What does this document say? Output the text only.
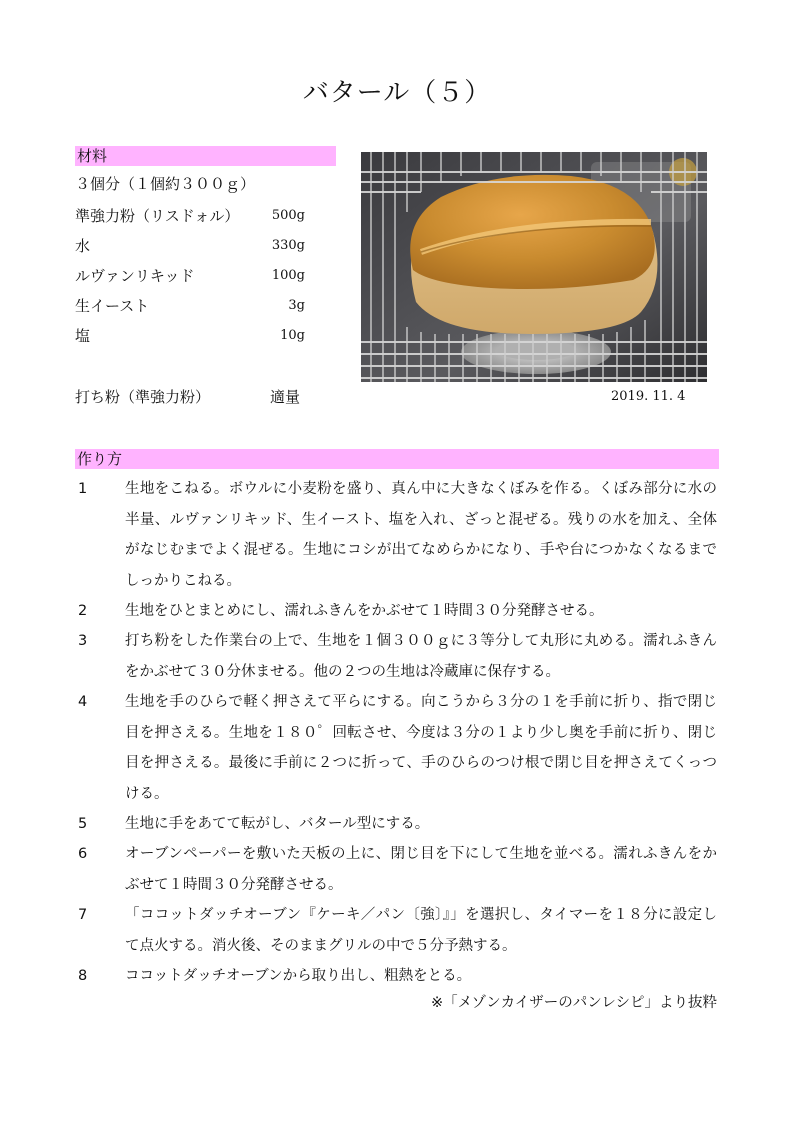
バタール（５）
材料
３個分（１個約３００ｇ）
準強力粉（リスドォル）	500g
水	330g
ルヴァンリキッド	100g
生イースト	3g
塩	10g
打ち粉（準強力粉）	適量	2019. 11. 4
作り方
1	生地をこねる。ボウルに小麦粉を盛り、真ん中に大きなくぼみを作る。くぼみ部分に水の半量、ルヴァンリキッド、生イースト、塩を入れ、ざっと混ぜる。残りの水を加え、全体がなじむまでよく混ぜる。生地にコシが出てなめらかになり、手や台につかなくなるまでしっかりこねる。
2	生地をひとまとめにし、濡れふきんをかぶせて１時間３０分発酵させる。
3	打ち粉をした作業台の上で、生地を１個３００ｇに３等分して丸形に丸める。濡れふきんをかぶせて３０分休ませる。他の２つの生地は冷蔵庫に保存する。
4	生地を手のひらで軽く押さえて平らにする。向こうから３分の１を手前に折り、指で閉じ目を押さえる。生地を１８０゜回転させ、今度は３分の１より少し奥を手前に折り、閉じ目を押さえる。最後に手前に２つに折って、手のひらのつけ根で閉じ目を押さえてくっつける。
5	生地に手をあてて転がし、バタール型にする。
6	オーブンペーパーを敷いた天板の上に、閉じ目を下にして生地を並べる。濡れふきんをかぶせて１時間３０分発酵させる。
7	「ココットダッチオーブン『ケーキ／パン〔強〕』」を選択し、タイマーを１８分に設定して点火する。消火後、そのままグリルの中で５分予熱する。
8	ココットダッチオーブンから取り出し、粗熱をとる。
※「メゾンカイザーのパンレシピ」より抜粋
